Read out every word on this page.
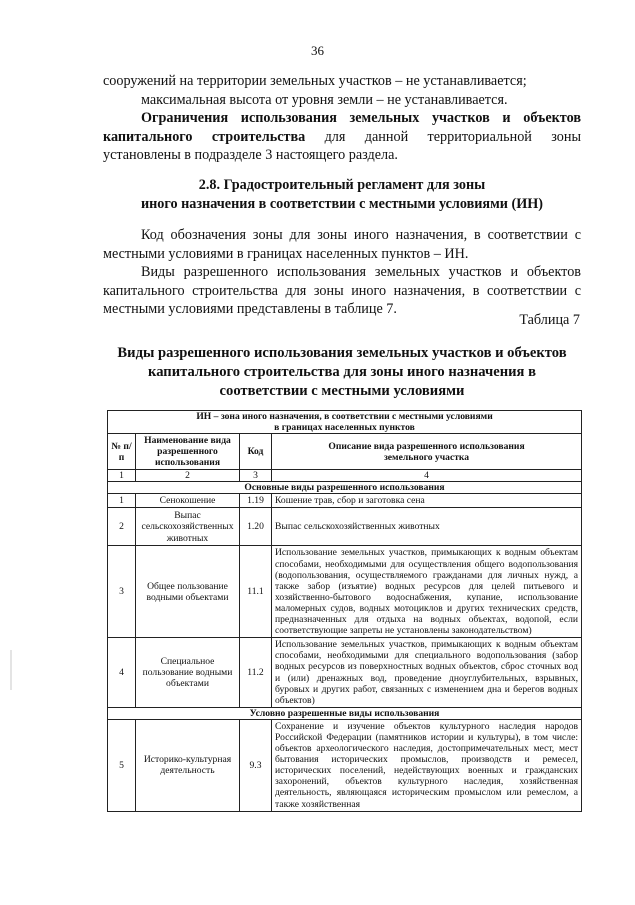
36

сооружений на территории земельных участков – не устанавливается;

максимальная высота от уровня земли – не устанавливается.

Ограничения использования земельных участков и объектов капитального строительства для данной территориальной зоны установлены в подразделе 3 настоящего раздела.

2.8. Градостроительный регламент для зоны
иного назначения в соответствии с местными условиями (ИН)

Код обозначения зоны для зоны иного назначения, в соответствии с местными условиями в границах населенных пунктов – ИН.

Виды разрешенного использования земельных участков и объектов капитального строительства для зоны иного назначения, в соответствии с местными условиями представлены в таблице 7.

Таблица 7
Виды разрешенного использования земельных участков и объектов
капитального строительства для зоны иного назначения в
соответствии с местными условиями
ИН – зона иного назначения, в соответствии с местными условиями
в границах населенных пунктов			

№ п/п	Наименование вида разрешенного использования	Код	Описание вида разрешенного использования земельного участка
1	2	3	4
Основные виды разрешенного использования			
1	Сенокошение	1.19	Кошение трав, сбор и заготовка сена
2	Выпас сельскохозяйственных животных	1.20	Выпас сельскохозяйственных животных
3	Общее пользование водными объектами	11.1	Использование земельных участков, примыкающих к водным объектам способами, необходимыми для осуществления общего водопользования (водопользования, осуществляемого гражданами для личных нужд, а также забор (изъятие) водных ресурсов для целей питьевого и хозяйственно-бытового водоснабжения, купание, использование маломерных судов, водных мотоциклов и других технических средств, предназначенных для отдыха на водных объектах, водопой, если соответствующие запреты не установлены законодательством)
4	Специальное пользование водными объектами	11.2	Использование земельных участков, примыкающих к водным объектам способами, необходимыми для специального водопользования (забор водных ресурсов из поверхностных водных объектов, сброс сточных вод и (или) дренажных вод, проведение дноуглубительных, взрывных, буровых и других работ, связанных с изменением дна и берегов водных объектов)
Условно разрешенные виды использования			
5	Историко-культурная деятельность	9.3	Сохранение и изучение объектов культурного наследия народов Российской Федерации (памятников истории и культуры), в том числе: объектов археологического наследия, достопримечательных мест, мест бытования исторических промыслов, производств и ремесел, исторических поселений, недействующих военных и гражданских захоронений, объектов культурного наследия, хозяйственная деятельность, являющаяся историческим промыслом или ремеслом, а также хозяйственная
